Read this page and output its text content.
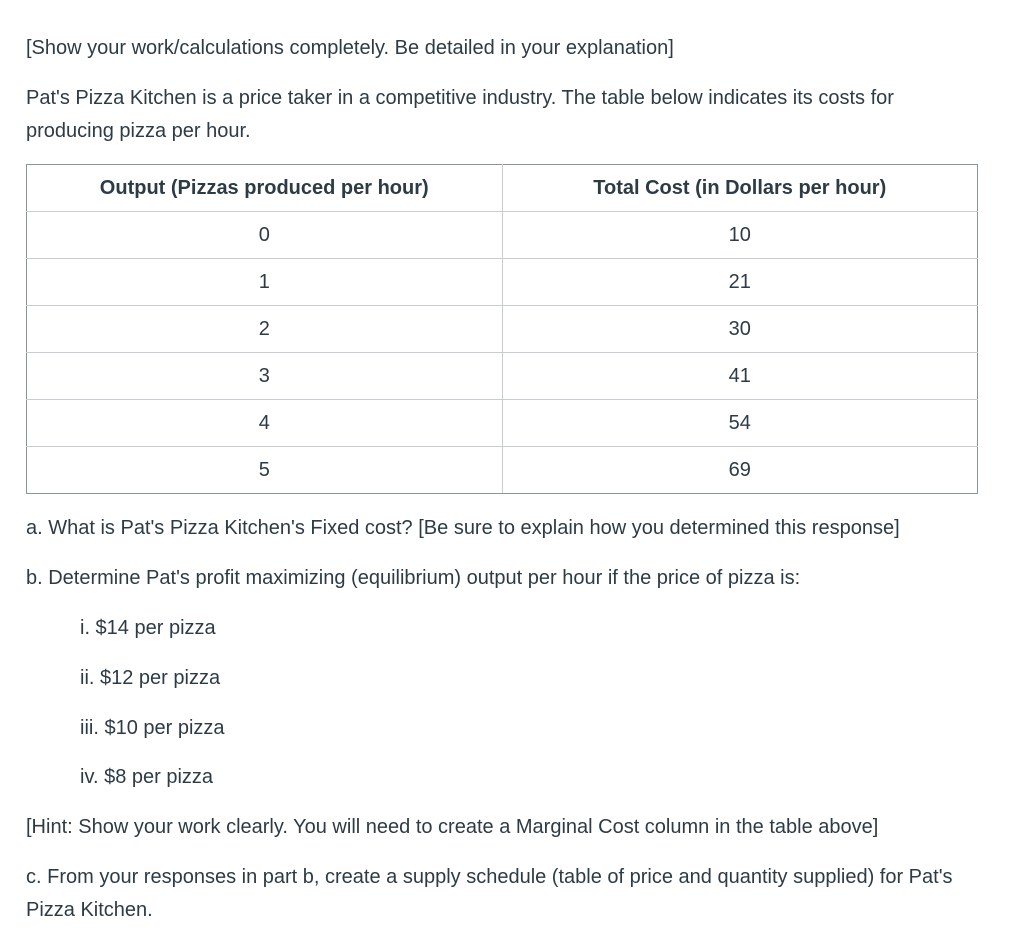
[Show your work/calculations completely. Be detailed in your explanation]

Pat's Pizza Kitchen is a price taker in a competitive industry. The table below indicates its costs for producing pizza per hour.

Output (Pizzas produced per hour)	Total Cost (in Dollars per hour)
0	10
1	21
2	30
3	41
4	54
5	69

a. What is Pat's Pizza Kitchen's Fixed cost? [Be sure to explain how you determined this response]

b. Determine Pat's profit maximizing (equilibrium) output per hour if the price of pizza is:

i. $14 per pizza

ii. $12 per pizza

iii. $10 per pizza

iv. $8 per pizza

[Hint: Show your work clearly. You will need to create a Marginal Cost column in the table above]

c. From your responses in part b, create a supply schedule (table of price and quantity supplied) for Pat's Pizza Kitchen.
